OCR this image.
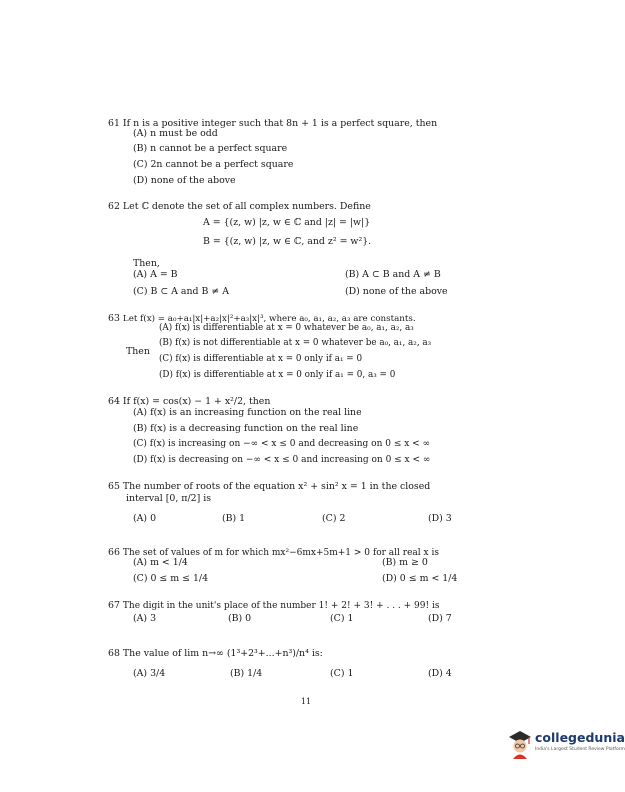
61 If n is a positive integer such that 8n + 1 is a perfect square, then
(A) n must be odd
(B) n cannot be a perfect square
(C) 2n cannot be a perfect square
(D) none of the above
62 Let ℂ denote the set of all complex numbers. Define
A = {(z, w) |z, w ∈ ℂ and |z| = |w|}
B = {(z, w) |z, w ∈ ℂ, and z² = w²}.
Then,
(A) A = B	(B) A ⊂ B and A ≠ B
(C) B ⊂ A and B ≠ A	(D) none of the above
63 Let f(x) = a₀+a₁|x|+a₂|x|²+a₃|x|³, where a₀, a₁, a₂, a₃ are constants.
(A) f(x) is differentiable at x = 0 whatever be a₀, a₁, a₂, a₃
(B) f(x) is not differentiable at x = 0 whatever be a₀, a₁, a₂, a₃
Then
(C) f(x) is differentiable at x = 0 only if a₁ = 0
(D) f(x) is differentiable at x = 0 only if a₁ = 0, a₃ = 0
64 If f(x) = cos(x) − 1 + x²/2, then
(A) f(x) is an increasing function on the real line
(B) f(x) is a decreasing function on the real line
(C) f(x) is increasing on −∞ < x ≤ 0 and decreasing on 0 ≤ x < ∞
(D) f(x) is decreasing on −∞ < x ≤ 0 and increasing on 0 ≤ x < ∞
65 The number of roots of the equation x² + sin² x = 1 in the closed
interval [0, π/2] is
(A) 0	(B) 1	(C) 2	(D) 3
66 The set of values of m for which mx²−6mx+5m+1 > 0 for all real x is
(A) m < 1/4	(B) m ≥ 0
(C) 0 ≤ m ≤ 1/4	(D) 0 ≤ m < 1/4
67 The digit in the unit's place of the number 1! + 2! + 3! + . . . + 99! is
(A) 3	(B) 0	(C) 1	(D) 7
68 The value of lim n→∞ (1³+2³+...+n³)/n⁴ is:
(A) 3/4	(B) 1/4	(C) 1	(D) 4
11
collegedunia
India's Largest Student Review Platform
